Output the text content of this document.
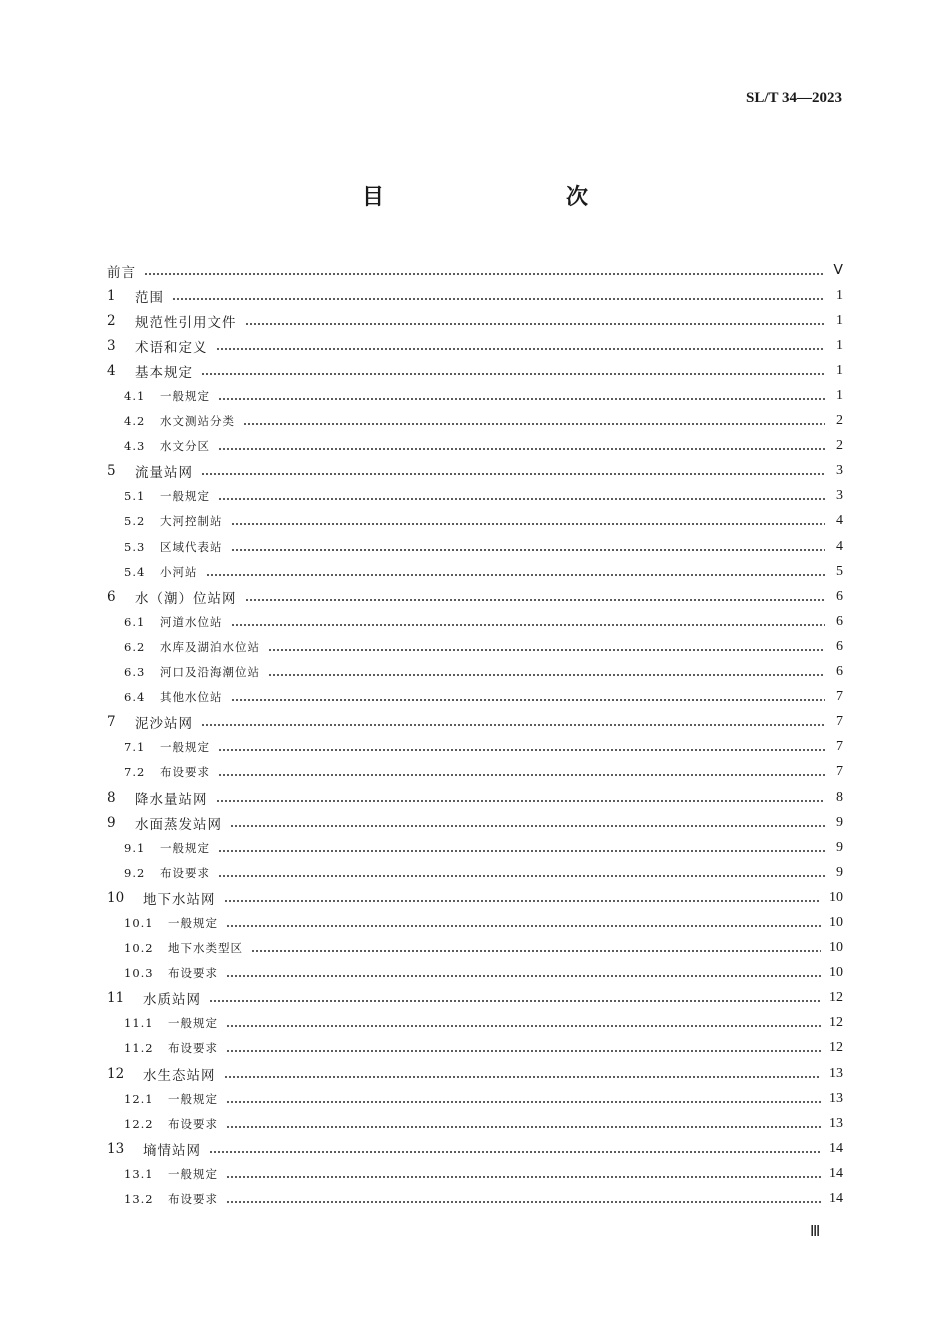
SL/T 34—2023
目　　次
前言	Ⅴ
1	范围	1
2	规范性引用文件	1
3	术语和定义	1
4	基本规定	1
4.1	一般规定	1
4.2	水文测站分类	2
4.3	水文分区	2
5	流量站网	3
5.1	一般规定	3
5.2	大河控制站	4
5.3	区域代表站	4
5.4	小河站	5
6	水（潮）位站网	6
6.1	河道水位站	6
6.2	水库及湖泊水位站	6
6.3	河口及沿海潮位站	6
6.4	其他水位站	7
7	泥沙站网	7
7.1	一般规定	7
7.2	布设要求	7
8	降水量站网	8
9	水面蒸发站网	9
9.1	一般规定	9
9.2	布设要求	9
10	地下水站网	10
10.1	一般规定	10
10.2	地下水类型区	10
10.3	布设要求	10
11	水质站网	12
11.1	一般规定	12
11.2	布设要求	12
12	水生态站网	13
12.1	一般规定	13
12.2	布设要求	13
13	墒情站网	14
13.1	一般规定	14
13.2	布设要求	14
Ⅲ
